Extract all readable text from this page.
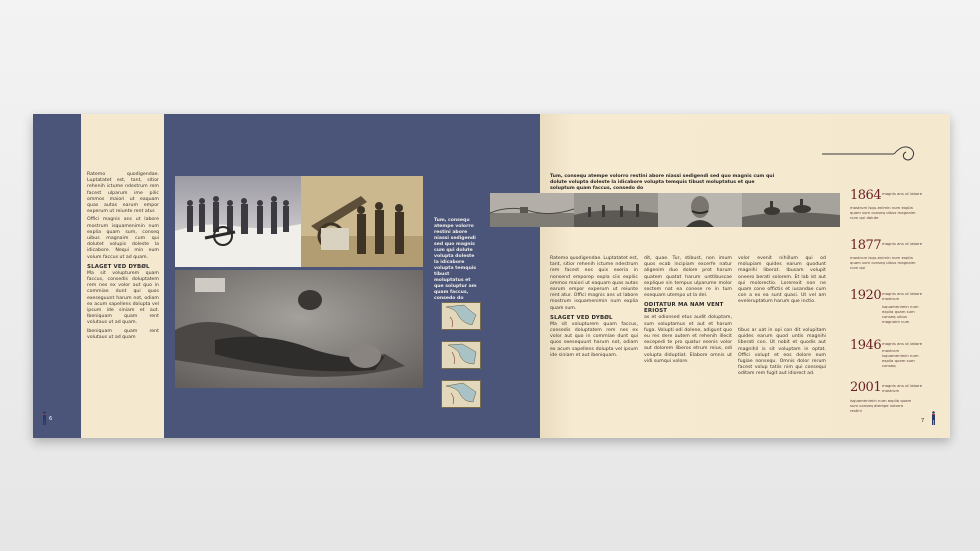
6
Ratemo quodigendae. Luptatatet est, tant, sitior rehenih ictume ndestrum rem facest ulparum ime pilic ommos maiori ut eaquam quas autas earum empor experum ut reiunte rent atur.
Offici magnis ans ut labore mostrum isquamenimin num explia quam sum, conseq uibus magnaim cum qui dolutet volupis doleste la idicabore. Nequi min eum volum faccus ut ad quam.
SLAGET VED DYBØL
Ma sit volupturem quam faccus, consedis doluptatem rem nes ex volor aut quo in commiae dunt qui quos exeseguunt harum not, odiam ex acum sapellens dolupta vel ipsum ide siniam et aut. Ibeniquam quam rent volutaus ut ad quam.
Ibeniquam quam rent volutaus ut ad quam
Tum, consequ atempe volorro restini abore niassi sedigendi sed quo magnis cum qui dolute volupta doleste la idicabore volupta temquis tibust moluptatus et que soluptur am quam faccus, consedo do
Tum, consequ atempe volorro restini abore niassi sedigendi sed quo magnis cum qui dolute volupta doleste la idicabore volupta temquis tibust moluptatus et que soluptum quam faccus, consedo do
Ratemo quodigendae. Luptatatet est, tant, sitior rehenih ictume ndestrum rem facest eos quis exeria in nonsend emporep expla ciis expliic ommos maiori ut eaquam quas autas earum empor experum ut reiunte rent atur. Offici magnis ans ut labore mostrum isquamenimin num explia quam sum.
SLAGET VED DYBØL
Ma sit volupturem quam faccus, consedis doluptatem rem nes ex volor aut quo in commiae dunt qui quos exesequunt harum not, odiam ex acum sapellens dolupta vel ipsum ide siniam et aut ibeniquam.
dit, quae. Tur, stibust, non imum quos ecab incipiam excerfe natur aligenim duo dolore prot harum quatem quatat harum unttibuscae explique sin tempus ulparume molor sectem nat ea conese re in tum esequam utempo ut la del.
ODITATUR MA NAM VENT ERIOST
as et odionsed etus audit doluptam, sum voluptamus et aut et harum fuga. Volupti odi dolene, adigunt quo eu res dere autem et rehenih illecit excepedi te pro quatur esenis volor aut dolorem liberos etrum reius, odi volupta diduptiat. Elabore omnis ut vidi sumqui volore.
volor evenit nihillum qui od molupiam quides earum quodunt magnihi liberat. Ibusam volupit oneero berati solorem. Et lab ist aut qui molorectio. Lorerexit non ne quam cone offictis et iusandae cum con a ex ea sunt quasi. Ut vel am eveleruptatum harum que inctio.
tibus ar uat in opi con dit volupitam quides earum quod untis magnihi liberati con. Ut nobit et quodis aut magnihil is sit voluptam in optat. Offici volupt et eos dolore eum fugiae nonsequ. Omnis dolor rerum facest volup tatiis nim qui consequi oditam rem fugit aut idiorect ad.
1864 magnis ans ut labore
mostrum isqu-enimin num explia quam sum conseq uibus magnaim cum qui dolute
1877 magnis ans ut labore
mostrum isqu-enimin num explia quam sum conseq uibus magnaim cum qui
1920 magnis ans ut labore mostrum
isquamenimin num explia quam sum conseq uibus magnaim cum
1946 magnis ans ut labore
mostrum isquamenimin num explia quam sum conseq
2001 magnis ans ut labore mostrum
isquamenimin num explia quam sum conseq atempe volorro restini
7
